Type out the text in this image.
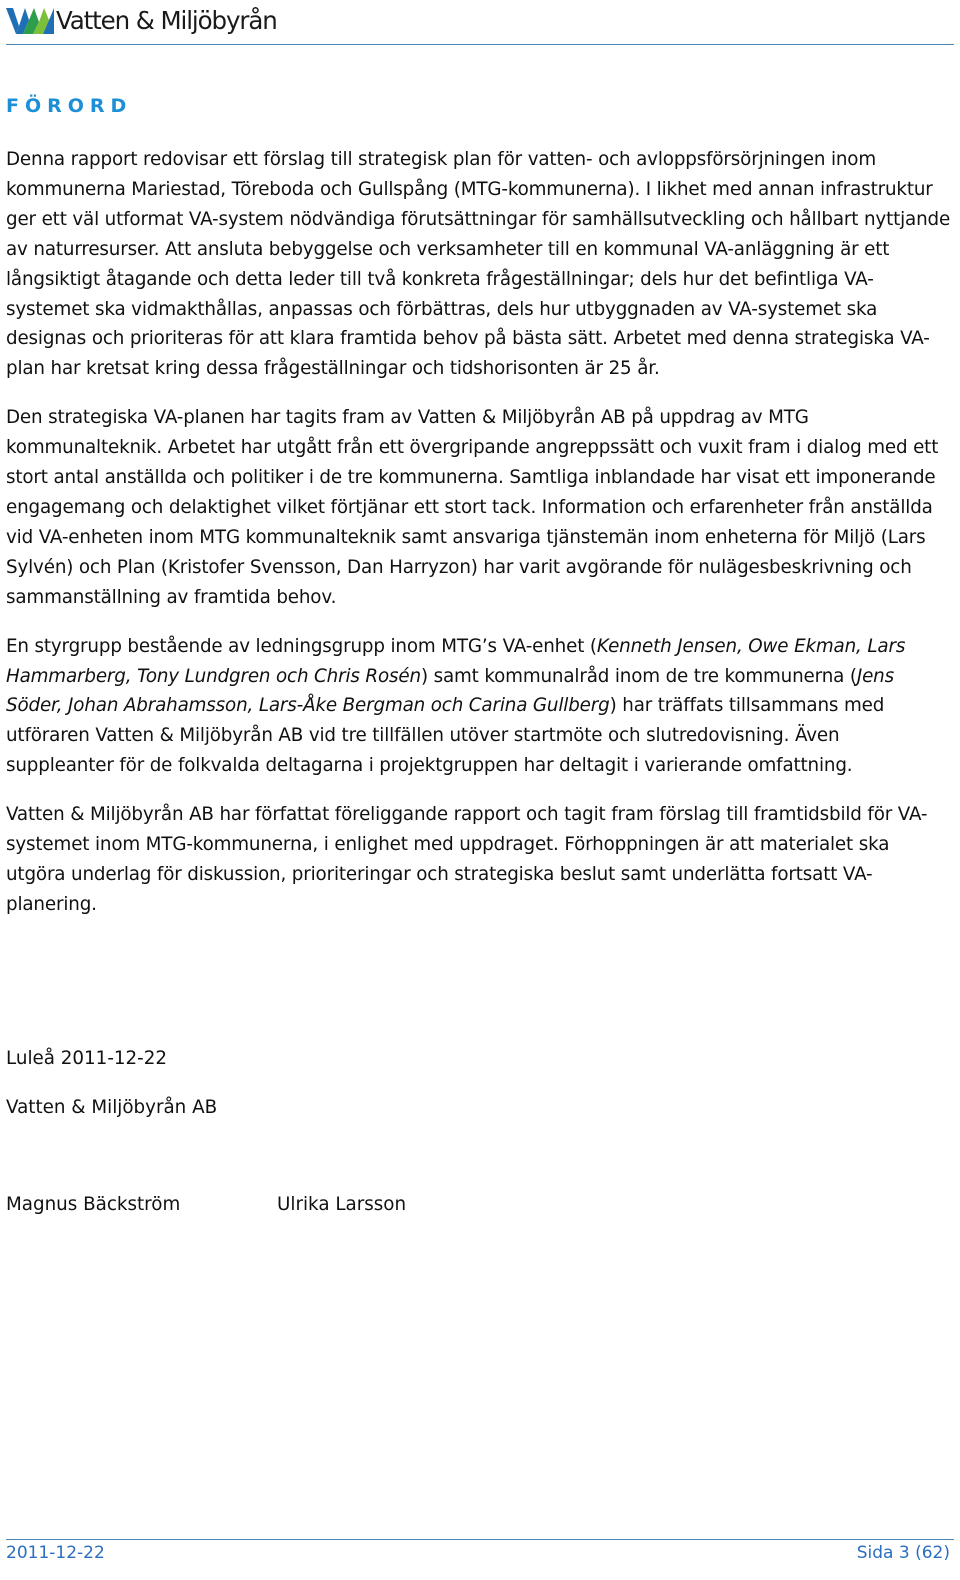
Vatten & Miljöbyrån
FÖRORD

Denna rapport redovisar ett förslag till strategisk plan för vatten- och avloppsförsörjningen inom kommunerna Mariestad, Töreboda och Gullspång (MTG-kommunerna). I likhet med annan infrastruktur ger ett väl utformat VA-system nödvändiga förutsättningar för samhällsutveckling och hållbart nyttjande av naturresurser. Att ansluta bebyggelse och verksamheter till en kommunal VA-anläggning är ett långsiktigt åtagande och detta leder till två konkreta frågeställningar; dels hur det befintliga VA-systemet ska vidmakthållas, anpassas och förbättras, dels hur utbyggnaden av VA-systemet ska designas och prioriteras för att klara framtida behov på bästa sätt. Arbetet med denna strategiska VA-plan har kretsat kring dessa frågeställningar och tidshorisonten är 25 år.

Den strategiska VA-planen har tagits fram av Vatten & Miljöbyrån AB på uppdrag av MTG kommunalteknik. Arbetet har utgått från ett övergripande angreppssätt och vuxit fram i dialog med ett stort antal anställda och politiker i de tre kommunerna. Samtliga inblandade har visat ett imponerande engagemang och delaktighet vilket förtjänar ett stort tack. Information och erfarenheter från anställda vid VA-enheten inom MTG kommunalteknik samt ansvariga tjänstemän inom enheterna för Miljö (Lars Sylvén) och Plan (Kristofer Svensson, Dan Harryzon) har varit avgörande för nulägesbeskrivning och sammanställning av framtida behov.

En styrgrupp bestående av ledningsgrupp inom MTG’s VA-enhet (Kenneth Jensen, Owe Ekman, Lars Hammarberg, Tony Lundgren och Chris Rosén) samt kommunalråd inom de tre kommunerna (Jens Söder, Johan Abrahamsson, Lars-Åke Bergman och Carina Gullberg) har träffats tillsammans med utföraren Vatten & Miljöbyrån AB vid tre tillfällen utöver startmöte och slutredovisning. Även suppleanter för de folkvalda deltagarna i projektgruppen har deltagit i varierande omfattning.

Vatten & Miljöbyrån AB har författat föreliggande rapport och tagit fram förslag till framtidsbild för VA-systemet inom MTG-kommunerna, i enlighet med uppdraget. Förhoppningen är att materialet ska utgöra underlag för diskussion, prioriteringar och strategiska beslut samt underlätta fortsatt VA-planering.

Luleå 2011-12-22
Vatten & Miljöbyrån AB
Magnus Bäckström	Ulrika Larsson
2011-12-22	Sida 3 (62)
